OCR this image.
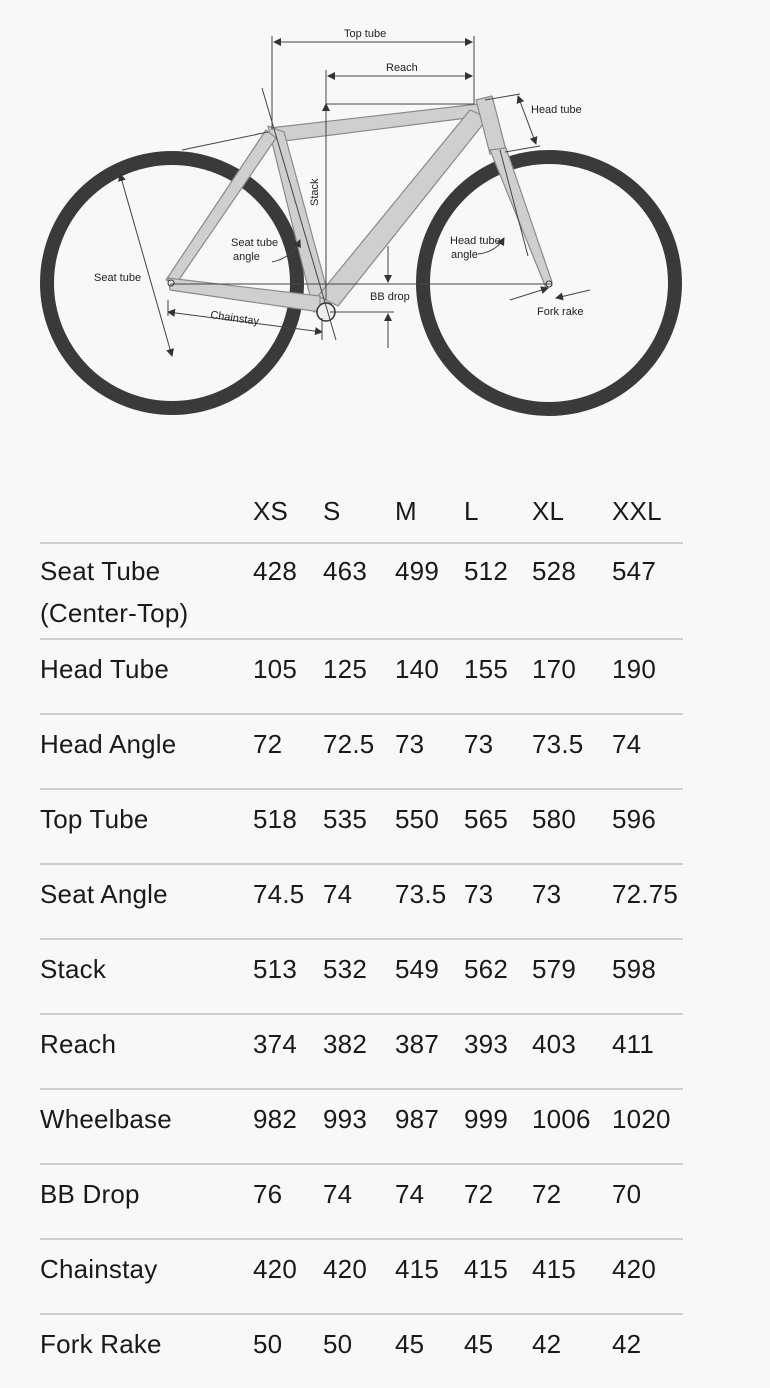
Top tube
Reach
Head tube
Stack
Seat tube
angle
Head tube
angle
Seat tube
BB drop
Chainstay	Fork rake
	XS	S	M	L	XL	XXL

Seat Tube
(Center-Top)	428	463	499	512	528	547

Head Tube	105	125	140	155	170	190

Head Angle	72	72.5	73	73	73.5	74

Top Tube	518	535	550	565	580	596

Seat Angle	74.5	74	73.5	73	73	72.75

Stack	513	532	549	562	579	598

Reach	374	382	387	393	403	411

Wheelbase	982	993	987	999	1006	1020

BB Drop	76	74	74	72	72	70

Chainstay	420	420	415	415	415	420

Fork Rake	50	50	45	45	42	42
